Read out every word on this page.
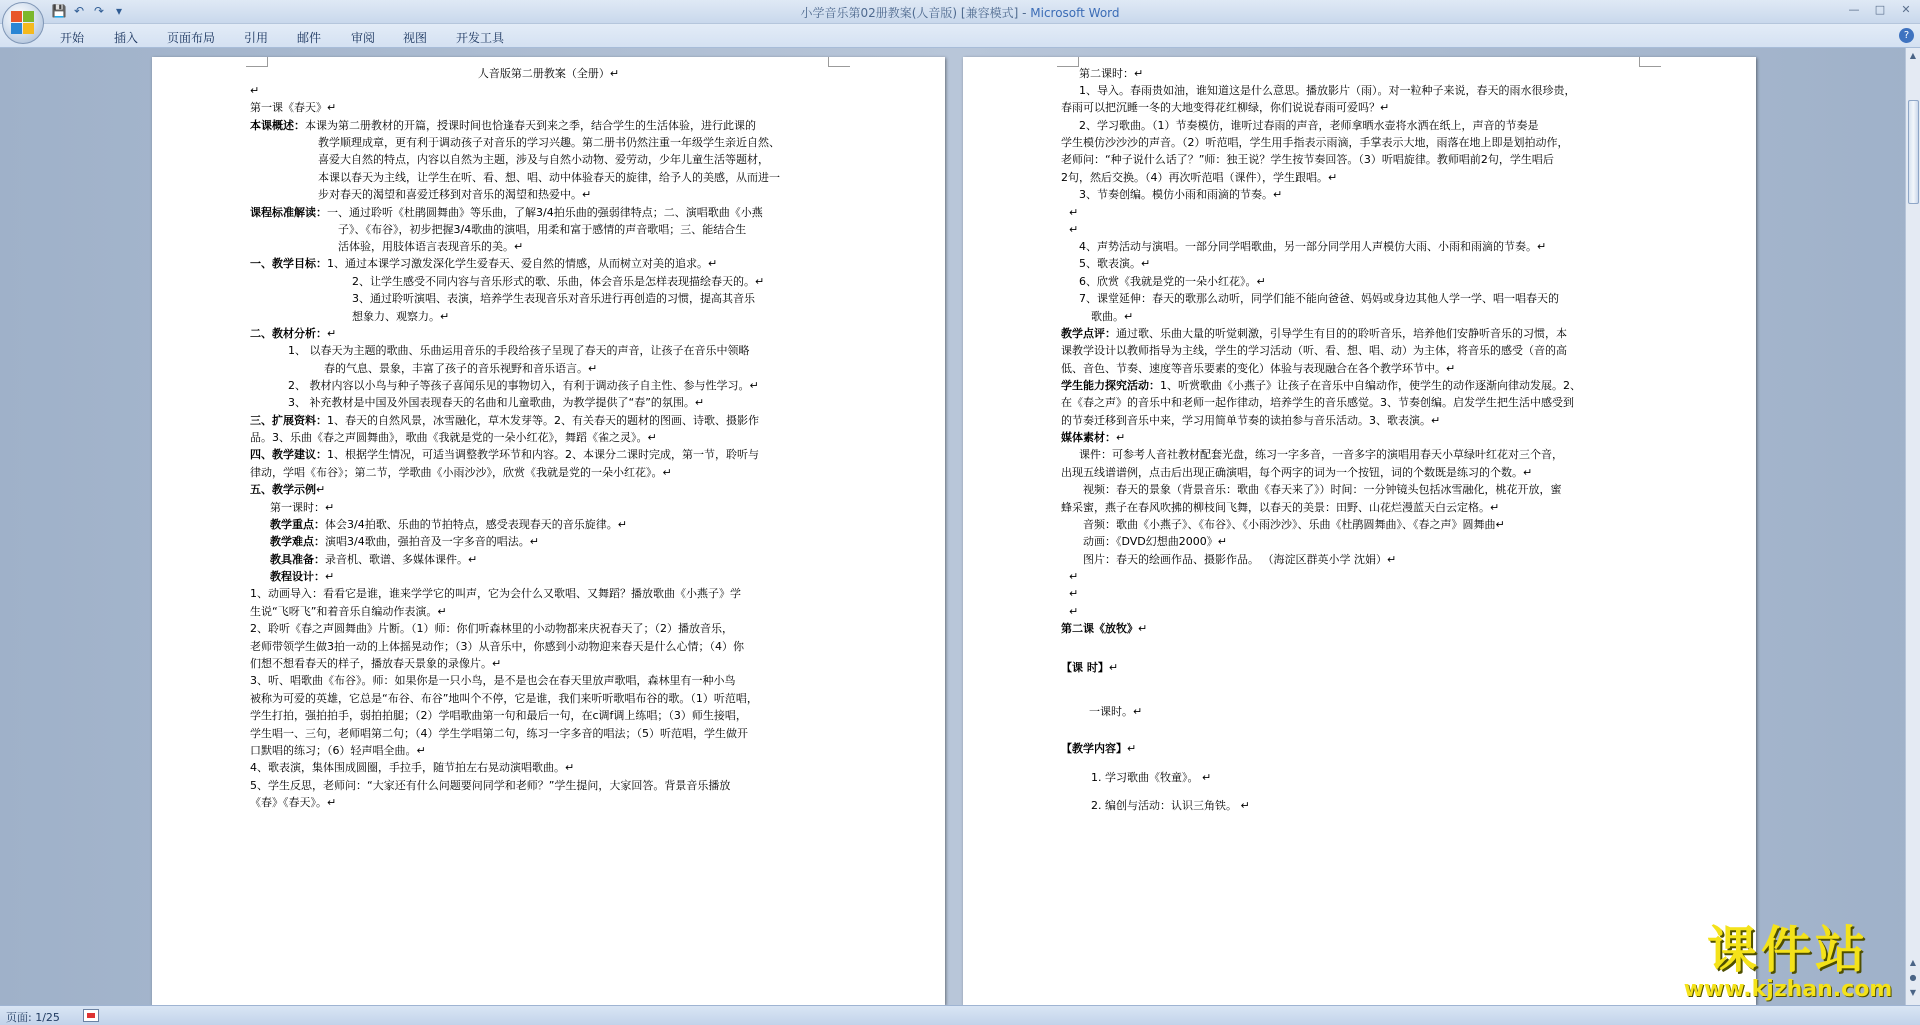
💾 ↶ ↷ ▾	小学音乐第02册教案(人音版) [兼容模式] - Microsoft Word	— □	✕
开始 插入 页面布局 引用 邮件 审阅 视图 开发工具	?
人音版第二册教案（全册）↵
↵
第一课《春天》↵
本课概述：本课为第二册教材的开篇，授课时间也恰逢春天到来之季，结合学生的生活体验，进行此课的
教学顺理成章，更有利于调动孩子对音乐的学习兴趣。第二册书仍然注重一年级学生亲近自然、
喜爱大自然的特点，内容以自然为主题，涉及与自然小动物、爱劳动，少年儿童生活等题材，
本课以春天为主线，让学生在听、看、想、唱、动中体验春天的旋律，给予人的美感，从而进一
步对春天的渴望和喜爱迁移到对音乐的渴望和热爱中。↵
课程标准解读：一、通过聆听《杜鹃圆舞曲》等乐曲，了解3/4拍乐曲的强弱律特点；二、演唱歌曲《小燕
子》、《布谷》，初步把握3/4歌曲的演唱，用柔和富于感情的声音歌唱；三、能结合生
活体验，用肢体语言表现音乐的美。↵
一、教学目标：1、通过本课学习激发深化学生爱春天、爱自然的情感，从而树立对美的追求。↵
2、让学生感受不同内容与音乐形式的歌、乐曲，体会音乐是怎样表现描绘春天的。↵
3、通过聆听演唱、表演，培养学生表现音乐对音乐进行再创造的习惯，提高其音乐
想象力、观察力。↵
二、教材分析：↵
1、 以春天为主题的歌曲、乐曲运用音乐的手段给孩子呈现了春天的声音，让孩子在音乐中领略
春的气息、景象，丰富了孩子的音乐视野和音乐语言。↵
2、 教材内容以小鸟与种子等孩子喜闻乐见的事物切入，有利于调动孩子自主性、参与性学习。↵
3、 补充教材是中国及外国表现春天的名曲和儿童歌曲，为教学提供了“春”的氛围。↵
三、扩展资料：1、春天的自然风景，冰雪融化，草木发芽等。2、有关春天的题材的图画、诗歌、摄影作
品。3、乐曲《春之声圆舞曲》，歌曲《我就是党的一朵小红花》，舞蹈《雀之灵》。↵
四、教学建议：1、根据学生情况，可适当调整教学环节和内容。2、本课分二课时完成，第一节，聆听与
律动，学唱《布谷》；第二节，学歌曲《小雨沙沙》，欣赏《我就是党的一朵小红花》。↵
五、教学示例↵
第一课时：↵
教学重点：体会3/4拍歌、乐曲的节拍特点，感受表现春天的音乐旋律。↵
教学难点：演唱3/4歌曲，强拍音及一字多音的唱法。↵
教具准备：录音机、歌谱、多媒体课件。↵
教程设计：↵
1、动画导入：看看它是谁，谁来学学它的叫声，它为会什么又歌唱、又舞蹈？播放歌曲《小燕子》学
生说“飞呀飞”和着音乐自编动作表演。↵
2、聆听《春之声圆舞曲》片断。（1）师：你们听森林里的小动物都来庆祝春天了；（2）播放音乐，
老师带领学生做3拍一动的上体摇晃动作；（3）从音乐中，你感到小动物迎来春天是什么心情；（4）你
们想不想看春天的样子，播放春天景象的录像片。↵
3、听、唱歌曲《布谷》。师：如果你是一只小鸟，是不是也会在春天里放声歌唱，森林里有一种小鸟
被称为可爱的英雄，它总是“布谷、布谷”地叫个不停，它是谁，我们来听听歌唱布谷的歌。（1）听范唱，
学生打拍，强拍拍手，弱拍拍腿；（2）学唱歌曲第一句和最后一句，在c调f调上练唱；（3）师生接唱，
学生唱一、三句，老师唱第二句；（4）学生学唱第二句，练习一字多音的唱法；（5）听范唱，学生做开
口默唱的练习；（6）轻声唱全曲。↵
4、歌表演，集体围成圆圈，手拉手，随节拍左右晃动演唱歌曲。↵
5、学生反思，老师问：“大家还有什么问题要问同学和老师？”学生提问，大家回答。背景音乐播放
《春》《春天》。↵
第二课时：↵
1、导入。春雨贵如油，谁知道这是什么意思。播放影片（雨）。对一粒种子来说，春天的雨水很珍贵，
春雨可以把沉睡一冬的大地变得花红柳绿，你们说说春雨可爱吗？↵
2、学习歌曲。（1）节奏模仿，谁听过春雨的声音，老师拿晒水壶将水洒在纸上，声音的节奏是
学生模仿沙沙沙的声音。（2）听范唱，学生用手指表示雨滴，手掌表示大地，雨落在地上即是划拍动作，
老师问：“种子说什么话了？”师：独王说？学生按节奏回答。（3）听唱旋律。教师唱前2句，学生唱后
2句，然后交换。（4）再次听范唱（课件），学生跟唱。↵
3、节奏创编。模仿小雨和雨滴的节奏。↵
↵
↵
4、声势活动与演唱。一部分同学唱歌曲，另一部分同学用人声模仿大雨、小雨和雨滴的节奏。↵
5、歌表演。↵
6、欣赏《我就是党的一朵小红花》。↵
7、课堂延伸：春天的歌那么动听，同学们能不能向爸爸、妈妈或身边其他人学一学、唱一唱春天的
歌曲。↵
教学点评：通过歌、乐曲大量的听觉刺激，引导学生有目的的聆听音乐，培养他们安静听音乐的习惯，本
课教学设计以教师指导为主线，学生的学习活动（听、看、想、唱、动）为主体，将音乐的感受（音的高
低、音色、节奏、速度等音乐要素的变化）体验与表现融合在各个教学环节中。↵
学生能力探究活动：1、听赏歌曲《小燕子》让孩子在音乐中自编动作，使学生的动作逐渐向律动发展。2、
在《春之声》的音乐中和老师一起作律动，培养学生的音乐感觉。3、节奏创编。启发学生把生活中感受到
的节奏迁移到音乐中来，学习用简单节奏的读拍参与音乐活动。3、歌表演。↵
媒体素材：↵
课件：可参考人音社教材配套光盘，练习一字多音，一音多字的演唱用春天小草绿叶红花对三个音，
出现五线谱谱例，点击后出现正确演唱，每个两字的词为一个按钮，词的个数既是练习的个数。↵
视频：春天的景象（背景音乐：歌曲《春天来了》）时间：一分钟镜头包括冰雪融化，桃花开放，蜜
蜂采蜜，燕子在春风吹拂的柳枝间飞舞，以春天的美景：田野、山花烂漫蓝天白云定格。↵
音频：歌曲《小燕子》、《布谷》、《小雨沙沙》、乐曲《杜鹃圆舞曲》、《春之声》圆舞曲↵
动画：《DVD幻想曲2000》↵
图片：春天的绘画作品、摄影作品。 （海淀区群英小学 沈娟）↵
↵
↵
↵
第二课《放牧》↵
【课 时】↵
一课时。↵
【教学内容】↵
1. 学习歌曲《牧童》。 ↵
2. 编创与活动：认识三角铁。 ↵
▲
▲
●
▼
页面: 1/25
课件站
www.kjzhan.com
